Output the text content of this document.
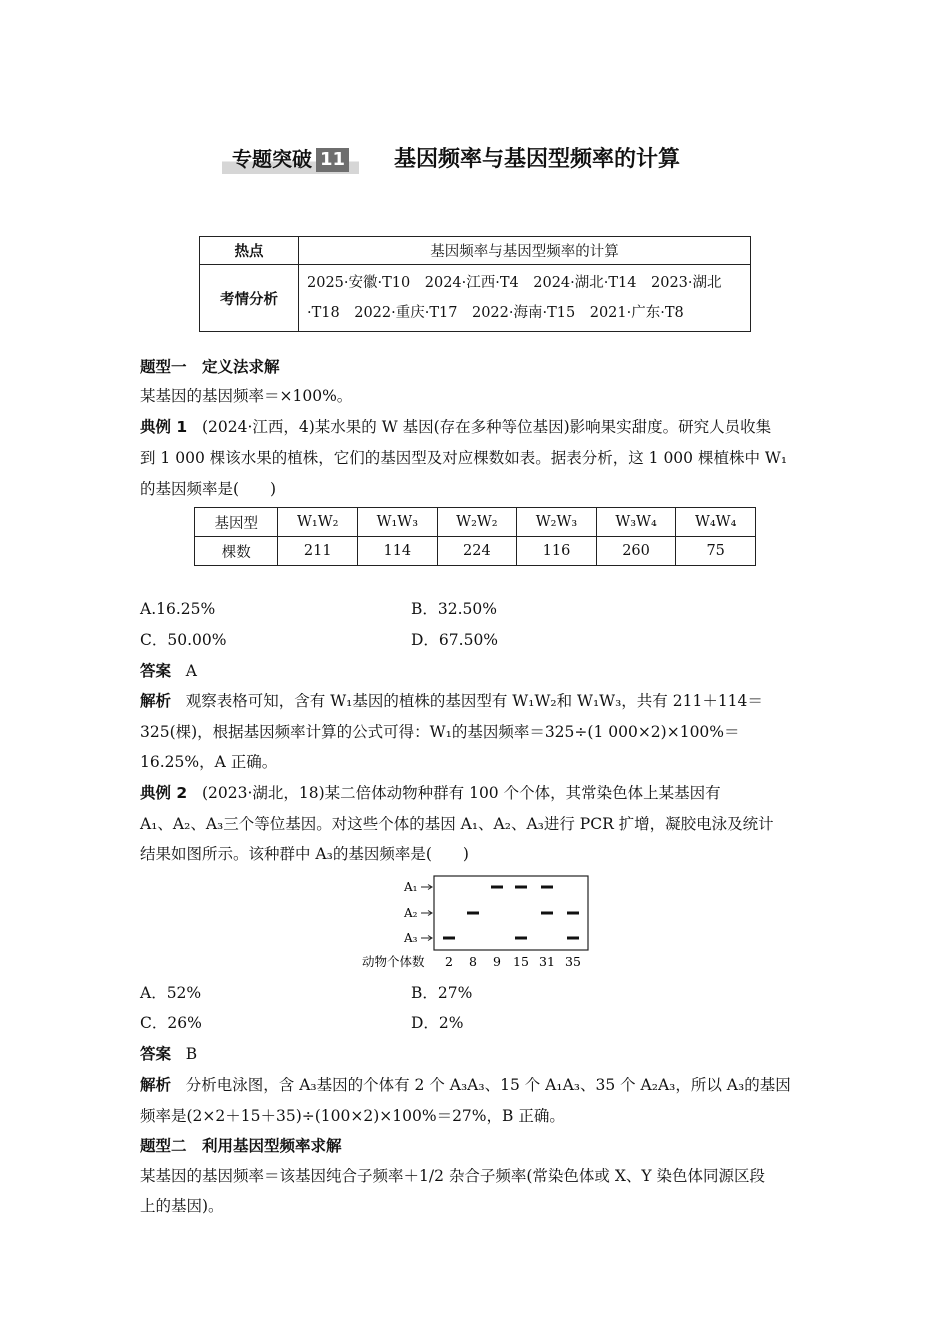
专题突破 11	基因频率与基因型频率的计算
热点	基因频率与基因型频率的计算
考情分析	2025·安徽·T10　2024·江西·T4　2024·湖北·T14　2023·湖北
·T18　2022·重庆·T17　2022·海南·T15　2021·广东·T8
题型一　定义法求解
某基因的基因频率＝×100%。
典例 1 (2024·江西，4)某水果的 W 基因(存在多种等位基因)影响果实甜度。研究人员收集
到 1 000 棵该水果的植株，它们的基因型及对应棵数如表。据表分析，这 1 000 棵植株中 W₁
的基因频率是(　　)
基因型	W₁W₂	W₁W₃	W₂W₂	W₂W₃	W₃W₄	W₄W₄
棵数	211	114	224	116	260	75
A.16.25%	B．32.50%
C．50.00%	D．67.50%
答案 A
解析 观察表格可知，含有 W₁基因的植株的基因型有 W₁W₂和 W₁W₃，共有 211＋114＝
325(棵)，根据基因频率计算的公式可得：W₁的基因频率＝325÷(1 000×2)×100%＝
16.25%，A 正确。
典例 2 (2023·湖北，18)某二倍体动物种群有 100 个个体，其常染色体上某基因有
A₁、A₂、A₃三个等位基因。对这些个体的基因 A₁、A₂、A₃进行 PCR 扩增，凝胶电泳及统计
结果如图所示。该种群中 A₃的基因频率是(　　)
A₁
A₂
A₃
动物个体数 2 8 9 15 31 35
A．52%	B．27%
C．26%	D．2%
答案 B
解析 分析电泳图，含 A₃基因的个体有 2 个 A₃A₃、15 个 A₁A₃、35 个 A₂A₃，所以 A₃的基因
频率是(2×2＋15＋35)÷(100×2)×100%＝27%，B 正确。
题型二　利用基因型频率求解
某基因的基因频率＝该基因纯合子频率＋1/2 杂合子频率(常染色体或 X、Y 染色体同源区段
上的基因)。
